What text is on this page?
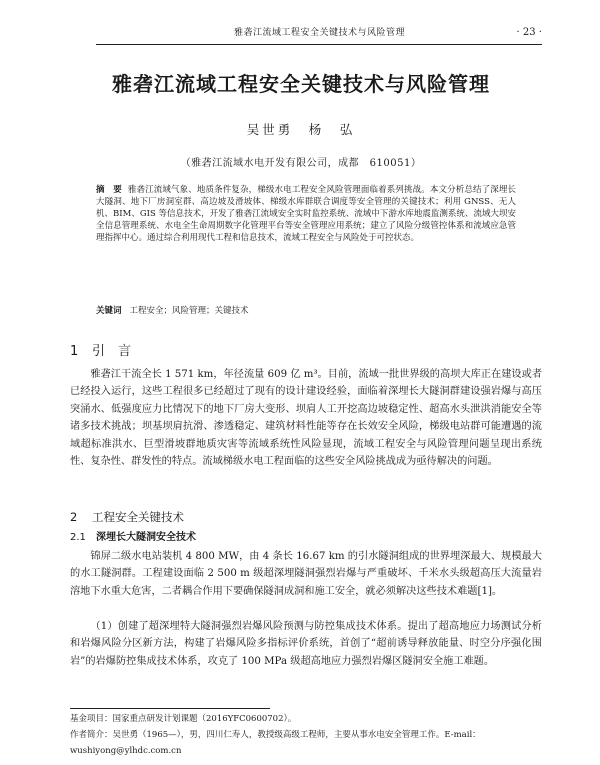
雅砻江流域工程安全关键技术与风险管理	· 23 ·
雅砻江流域工程安全关键技术与风险管理
吴世勇　杨　弘
（雅砻江流域水电开发有限公司，成都　610051）
摘　要 雅砻江流域气象、地质条件复杂，梯级水电工程安全风险管理面临着系列挑战。本文分析总结了深埋长大隧洞、地下厂房洞室群、高边坡及滑坡体、梯级水库群联合调度等安全管理的关键技术；利用 GNSS、无人机、BIM、GIS 等信息技术，开发了雅砻江流域安全实时监控系统、流域中下游水库地震监测系统、流域大坝安全信息管理系统、水电全生命周期数字化管理平台等安全管理应用系统；建立了风险分级管控体系和流域应急管理指挥中心。通过综合利用现代工程和信息技术，流域工程安全与风险处于可控状态。
关键词 工程安全；风险管理；关键技术
1 引　言
雅砻江干流全长 1 571 km，年径流量 609 亿 m³。目前，流域一批世界级的高坝大库正在建设或者已经投入运行，这些工程很多已经超过了现有的设计建设经验，面临着深埋长大隧洞群建设强岩爆与高压突涌水、低强度应力比情况下的地下厂房大变形、坝肩人工开挖高边坡稳定性、超高水头泄洪消能安全等诸多技术挑战；坝基坝肩抗滑、渗透稳定、建筑材料性能等存在长效安全风险，梯级电站群可能遭遇的流域超标准洪水、巨型滑坡群地质灾害等流域系统性风险显现，流域工程安全与风险管理问题呈现出系统性、复杂性、群发性的特点。流域梯级水电工程面临的这些安全风险挑战成为亟待解决的问题。
2 工程安全关键技术
2.1 深埋长大隧洞安全技术
锦屏二级水电站装机 4 800 MW，由 4 条长 16.67 km 的引水隧洞组成的世界埋深最大、规模最大的水工隧洞群。工程建设面临 2 500 m 级超深埋隧洞强烈岩爆与严重破坏、千米水头级超高压大流量岩溶地下水重大危害，二者耦合作用下要确保隧洞成洞和施工安全，就必须解决这些技术难题[1]。
（1）创建了超深埋特大隧洞强烈岩爆风险预测与防控集成技术体系。提出了超高地应力场测试分析和岩爆风险分区新方法，构建了岩爆风险多指标评价系统，首创了“超前诱导释放能量、时空分序强化围岩”的岩爆防控集成技术体系，攻克了 100 MPa 级超高地应力强烈岩爆区隧洞安全施工难题。
基金项目：国家重点研发计划课题（2016YFC0600702）。
作者简介：吴世勇（1965—），男，四川仁寿人，教授级高级工程师，主要从事水电安全管理工作。E-mail：
wushiyong@ylhdc.com.cn
